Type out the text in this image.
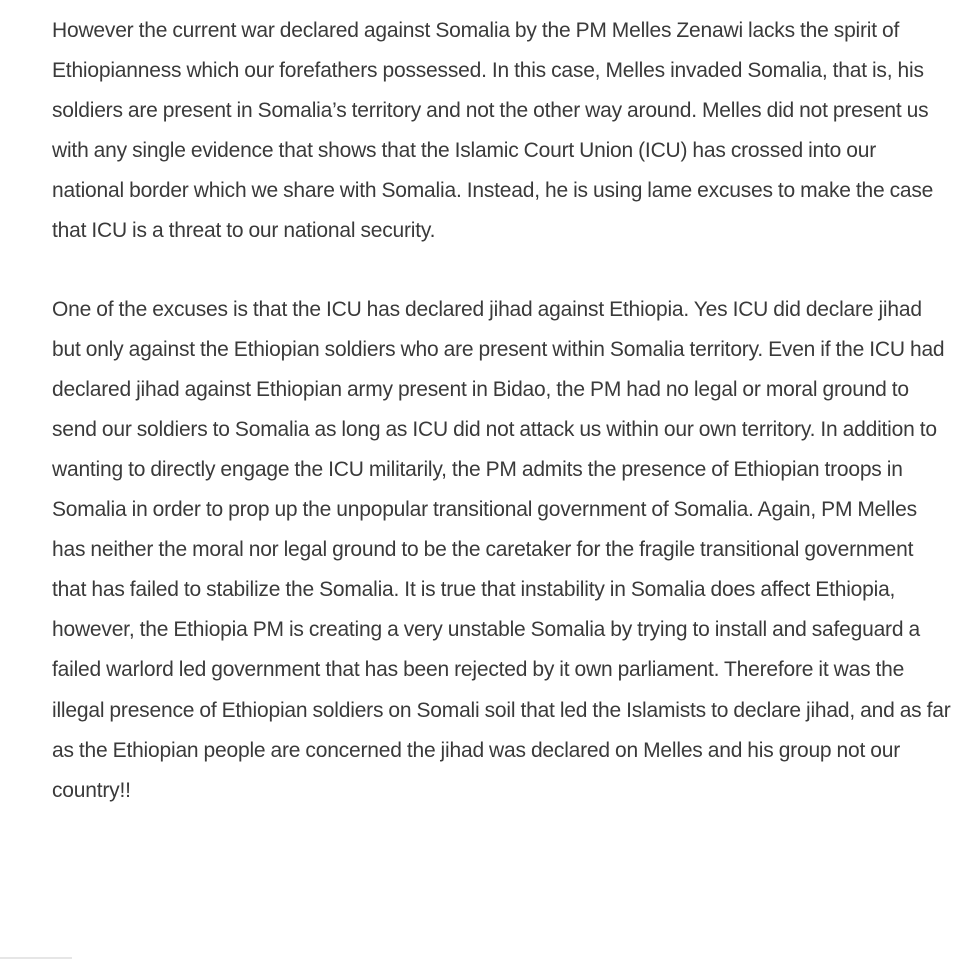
However the current war declared against Somalia by the PM Melles Zenawi lacks the spirit of Ethiopianness which our forefathers possessed. In this case, Melles invaded Somalia, that is, his soldiers are present in Somalia’s territory and not the other way around. Melles did not present us with any single evidence that shows that the Islamic Court Union (ICU) has crossed into our national border which we share with Somalia. Instead, he is using lame excuses to make the case that ICU is a threat to our national security.

One of the excuses is that the ICU has declared jihad against Ethiopia. Yes ICU did declare jihad but only against the Ethiopian soldiers who are present within Somalia territory. Even if the ICU had declared jihad against Ethiopian army present in Bidao, the PM had no legal or moral ground to send our soldiers to Somalia as long as ICU did not attack us within our own territory. In addition to wanting to directly engage the ICU militarily, the PM admits the presence of Ethiopian troops in Somalia in order to prop up the unpopular transitional government of Somalia. Again, PM Melles has neither the moral nor legal ground to be the caretaker for the fragile transitional government that has failed to stabilize the Somalia. It is true that instability in Somalia does affect Ethiopia, however, the Ethiopia PM is creating a very unstable Somalia by trying to install and safeguard a failed warlord led government that has been rejected by it own parliament. Therefore it was the illegal presence of Ethiopian soldiers on Somali soil that led the Islamists to declare jihad, and as far as the Ethiopian people are concerned the jihad was declared on Melles and his group not our country!!
